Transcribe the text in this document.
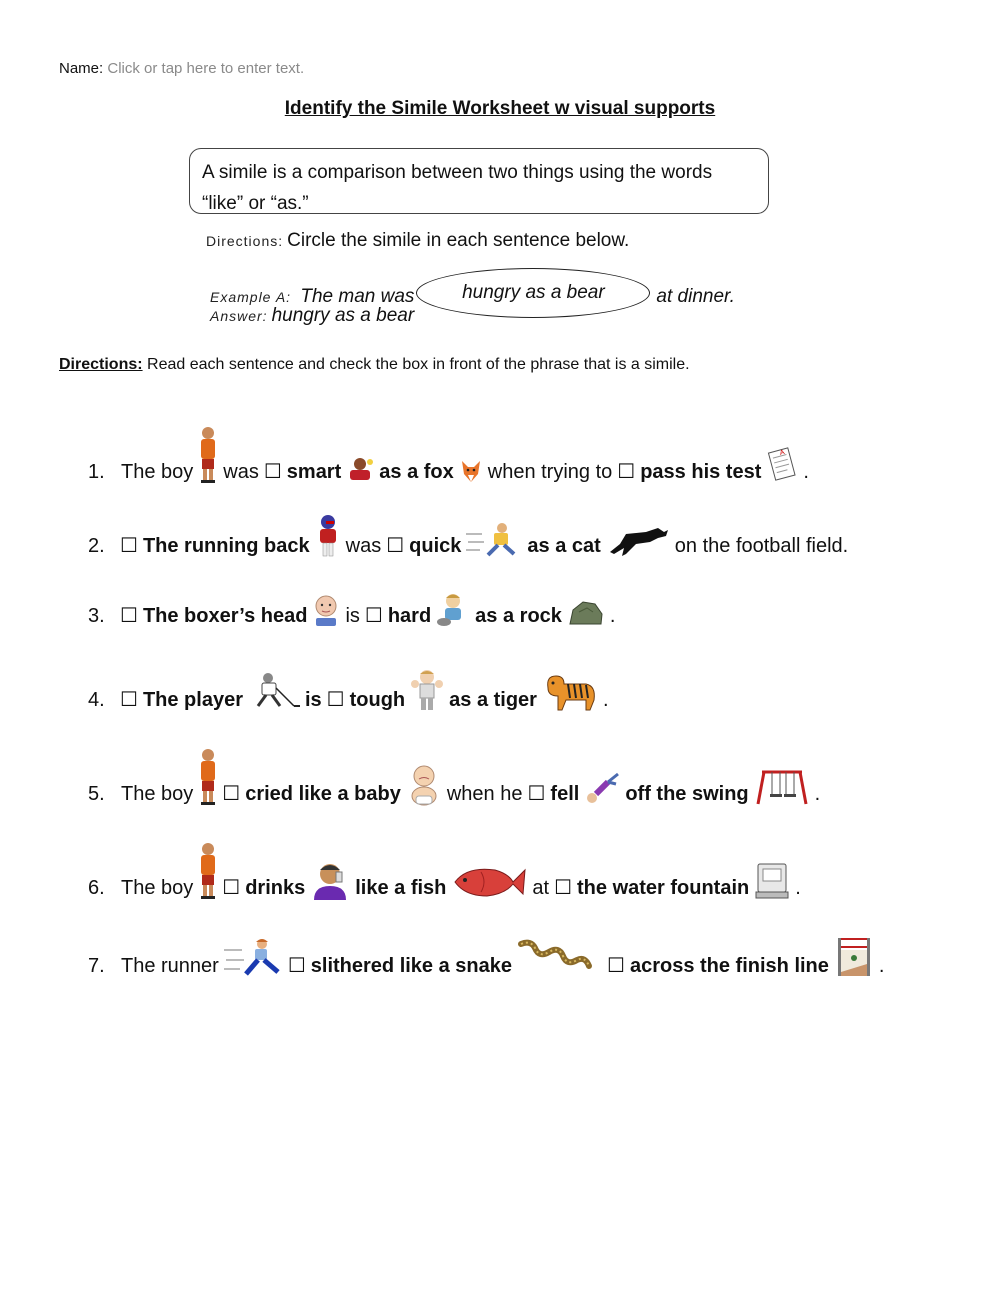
Name: Click or tap here to enter text.
Identify the Simile Worksheet w visual supports
A simile is a comparison between two things using the words
“like” or “as.”
Directions: Circle the simile in each sentence below.
Example A: The man was	hungry as a bear	at dinner.
Answer: hungry as a bear
Directions: Read each sentence and check the box in front of the phrase that is a simile.
1. The boy was ☐ smart as a fox when trying to ☐ pass his test
A
.
2. ☐ The running back was ☐ quick	as a cat	on the football field.
3. ☐ The boxer’s head is ☐ hard as a rock .
4. ☐ The player	is ☐ tough as a tiger	.
5. The boy ☐ cried like a baby when he ☐ fell off the swing	.
6. The boy ☐ drinks	like a fish	at ☐ the water fountain .
7. The runner	☐ slithered like a snake	☐ across the finish line	.
